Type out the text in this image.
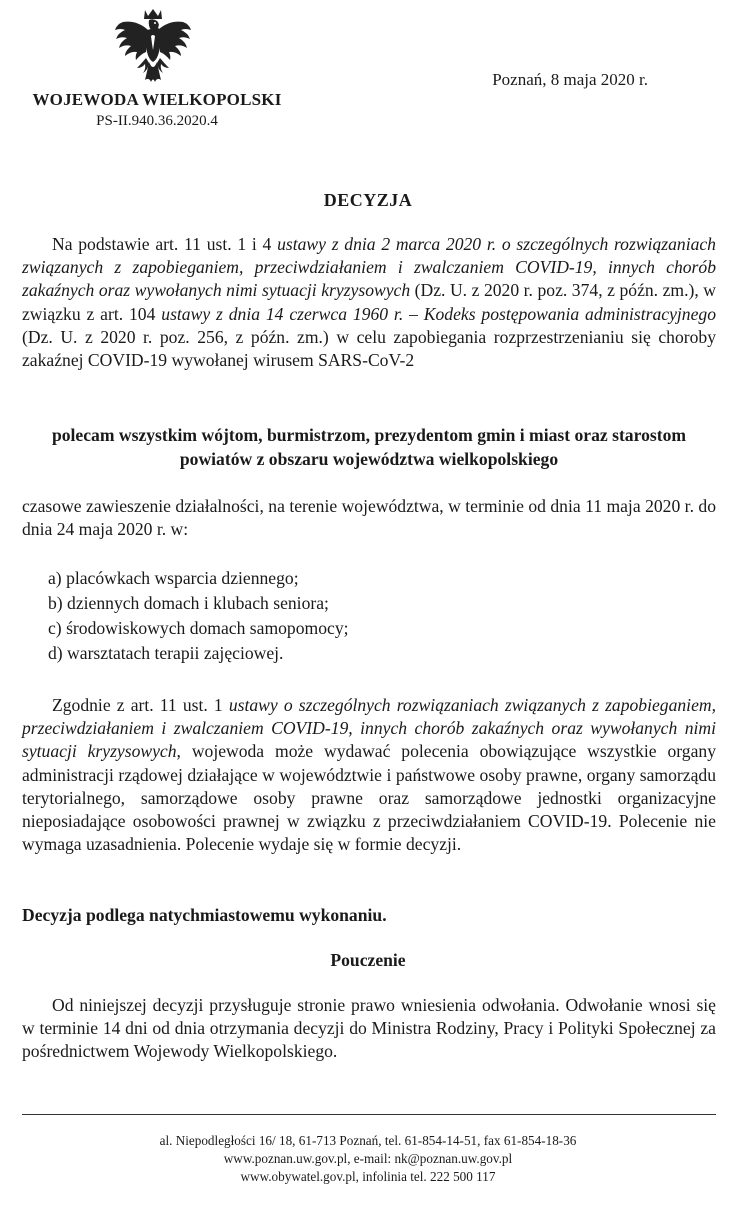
WOJEWODA WIELKOPOLSKI
PS-II.940.36.2020.4
Poznań, 8 maja 2020 r.
DECYZJA
Na podstawie art. 11 ust. 1 i 4 ustawy z dnia 2 marca 2020 r. o szczególnych rozwiązaniach związanych z zapobieganiem, przeciwdziałaniem i zwalczaniem COVID-19, innych chorób zakaźnych oraz wywołanych nimi sytuacji kryzysowych (Dz. U. z 2020 r. poz. 374, z późn. zm.), w związku z art. 104 ustawy z dnia 14 czerwca 1960 r. – Kodeks postępowania administracyjnego (Dz. U. z 2020 r. poz. 256, z późn. zm.) w celu zapobiegania rozprzestrzenianiu się choroby zakaźnej COVID-19 wywołanej wirusem SARS-CoV-2
polecam wszystkim wójtom, burmistrzom, prezydentom gmin i miast oraz starostom
powiatów z obszaru województwa wielkopolskiego
czasowe zawieszenie działalności, na terenie województwa, w terminie od dnia 11 maja 2020 r. do dnia 24 maja 2020 r. w:
a) placówkach wsparcia dziennego;
b) dziennych domach i klubach seniora;
c) środowiskowych domach samopomocy;
d) warsztatach terapii zajęciowej.
Zgodnie z art. 11 ust. 1 ustawy o szczególnych rozwiązaniach związanych z zapobieganiem, przeciwdziałaniem i zwalczaniem COVID-19, innych chorób zakaźnych oraz wywołanych nimi sytuacji kryzysowych, wojewoda może wydawać polecenia obowiązujące wszystkie organy administracji rządowej działające w województwie i państwowe osoby prawne, organy samorządu terytorialnego, samorządowe osoby prawne oraz samorządowe jednostki organizacyjne nieposiadające osobowości prawnej w związku z przeciwdziałaniem COVID-19. Polecenie nie wymaga uzasadnienia. Polecenie wydaje się w formie decyzji.
Decyzja podlega natychmiastowemu wykonaniu.
Pouczenie
Od niniejszej decyzji przysługuje stronie prawo wniesienia odwołania. Odwołanie wnosi się w terminie 14 dni od dnia otrzymania decyzji do Ministra Rodziny, Pracy i Polityki Społecznej za pośrednictwem Wojewody Wielkopolskiego.
al. Niepodległości 16/ 18, 61-713 Poznań, tel. 61-854-14-51, fax 61-854-18-36
www.poznan.uw.gov.pl, e-mail: nk@poznan.uw.gov.pl
www.obywatel.gov.pl, infolinia tel. 222 500 117
